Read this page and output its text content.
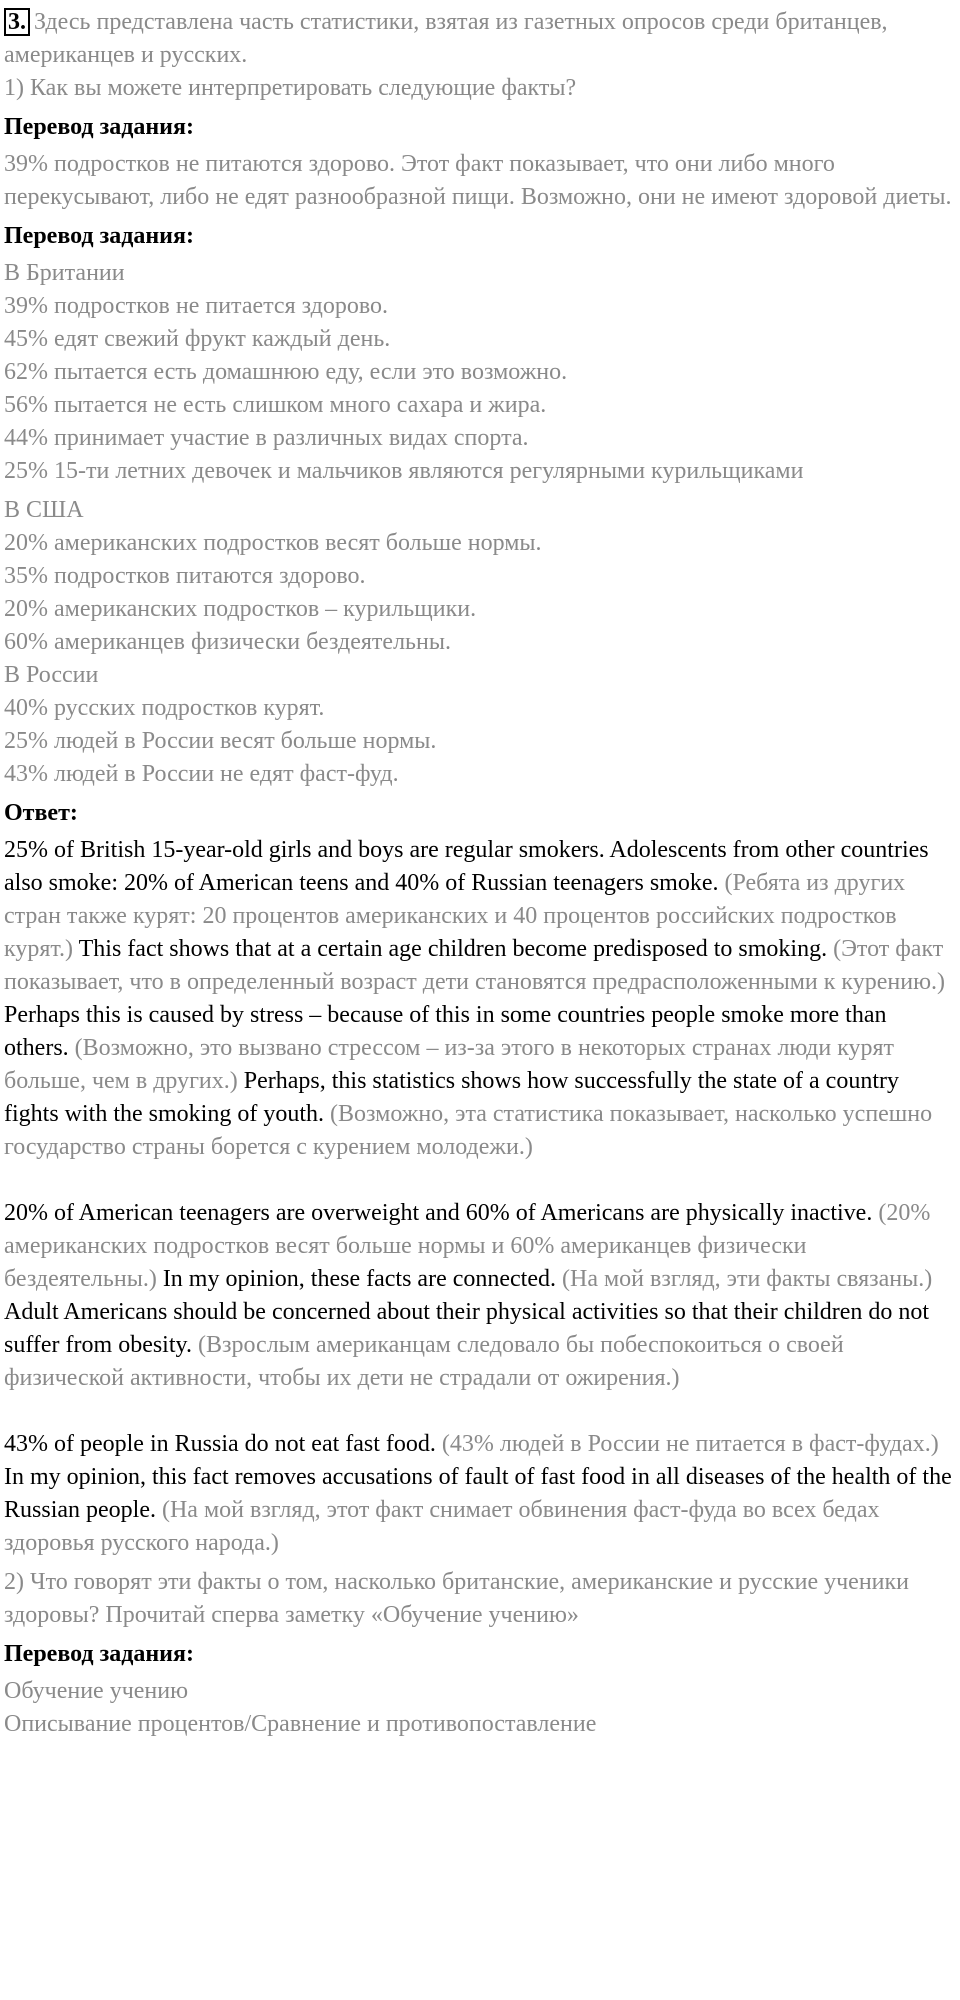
3. Здесь представлена часть статистики, взятая из газетных опросов среди британцев, американцев и русских.

1) Как вы можете интерпретировать следующие факты?

Перевод задания:

39% подростков не питаются здорово. Этот факт показывает, что они либо много перекусывают, либо не едят разнообразной пищи. Возможно, они не имеют здоровой диеты.

Перевод задания:

В Британии
39% подростков не питается здорово.
45% едят свежий фрукт каждый день.
62% пытается есть домашнюю еду, если это возможно.
56% пытается не есть слишком много сахара и жира.
44% принимает участие в различных видах спорта.
25% 15-ти летних девочек и мальчиков являются регулярными курильщиками
В США
20% американских подростков весят больше нормы.
35% подростков питаются здорово.
20% американских подростков – курильщики.
60% американцев физически бездеятельны.
В России
40% русских подростков курят.
25% людей в России весят больше нормы.
43% людей в России не едят фаст-фуд.

Ответ:

25% of British 15-year-old girls and boys are regular smokers. Adolescents from other countries also smoke: 20% of American teens and 40% of Russian teenagers smoke. (Ребята из других стран также курят: 20 процентов американских и 40 процентов российских подростков курят.) This fact shows that at a certain age children become predisposed to smoking. (Этот факт показывает, что в определенный возраст дети становятся предрасположенными к курению.) Perhaps this is caused by stress – because of this in some countries people smoke more than others. (Возможно, это вызвано стрессом – из-за этого в некоторых странах люди курят больше, чем в других.) Perhaps, this statistics shows how successfully the state of a country fights with the smoking of youth. (Возможно, эта статистика показывает, насколько успешно государство страны борется с курением молодежи.)

20% of American teenagers are overweight and 60% of Americans are physically inactive. (20% американских подростков весят больше нормы и 60% американцев физически бездеятельны.) In my opinion, these facts are connected. (На мой взгляд, эти факты связаны.) Adult Americans should be concerned about their physical activities so that their children do not suffer from obesity. (Взрослым американцам следовало бы побеспокоиться о своей физической активности, чтобы их дети не страдали от ожирения.)

43% of people in Russia do not eat fast food. (43% людей в России не питается в фаст-фудах.) In my opinion, this fact removes accusations of fault of fast food in all diseases of the health of the Russian people. (На мой взгляд, этот факт снимает обвинения фаст-фуда во всех бедах здоровья русского народа.)

2) Что говорят эти факты о том, насколько британские, американские и русские ученики здоровы? Прочитай сперва заметку «Обучение учению»

Перевод задания:

Обучение учению
Описывание процентов/Сравнение и противопоставление
